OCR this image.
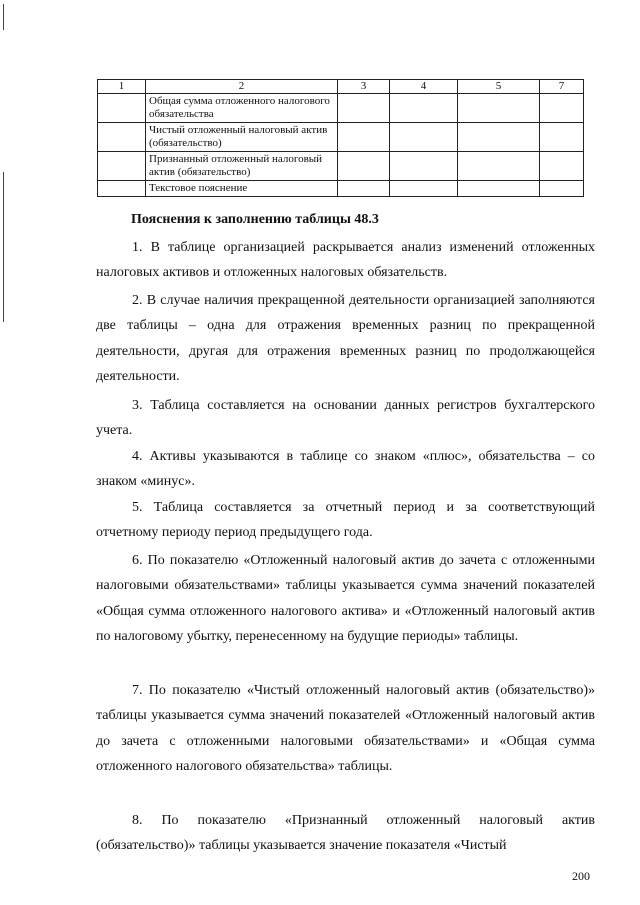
1	2	3	4	5	7
	Общая сумма отложенного налогового обязательства				
	Чистый отложенный налоговый актив (обязательство)				
	Признанный отложенный налоговый актив (обязательство)				
	Текстовое пояснение				
Пояснения к заполнению таблицы 48.3

1. В таблице организацией раскрывается анализ изменений отложенных налоговых активов и отложенных налоговых обязательств.

2. В случае наличия прекращенной деятельности организацией заполняются две таблицы – одна для отражения временных разниц по прекращенной деятельности, другая для отражения временных разниц по продолжающейся деятельности.

3. Таблица составляется на основании данных регистров бухгалтерского учета.

4. Активы указываются в таблице со знаком «плюс», обязательства – со знаком «минус».

5. Таблица составляется за отчетный период и за соответствующий отчетному периоду период предыдущего года.

6. По показателю «Отложенный налоговый актив до зачета с отложенными налоговыми обязательствами» таблицы указывается сумма значений показателей «Общая сумма отложенного налогового актива» и «Отложенный налоговый актив по налоговому убытку, перенесенному на будущие периоды» таблицы.

7. По показателю «Чистый отложенный налоговый актив (обязательство)» таблицы указывается сумма значений показателей «Отложенный налоговый актив до зачета с отложенными налоговыми обязательствами» и «Общая сумма отложенного налогового обязательства» таблицы.

8. По показателю «Признанный отложенный налоговый актив (обязательство)» таблицы указывается значение показателя «Чистый

200
